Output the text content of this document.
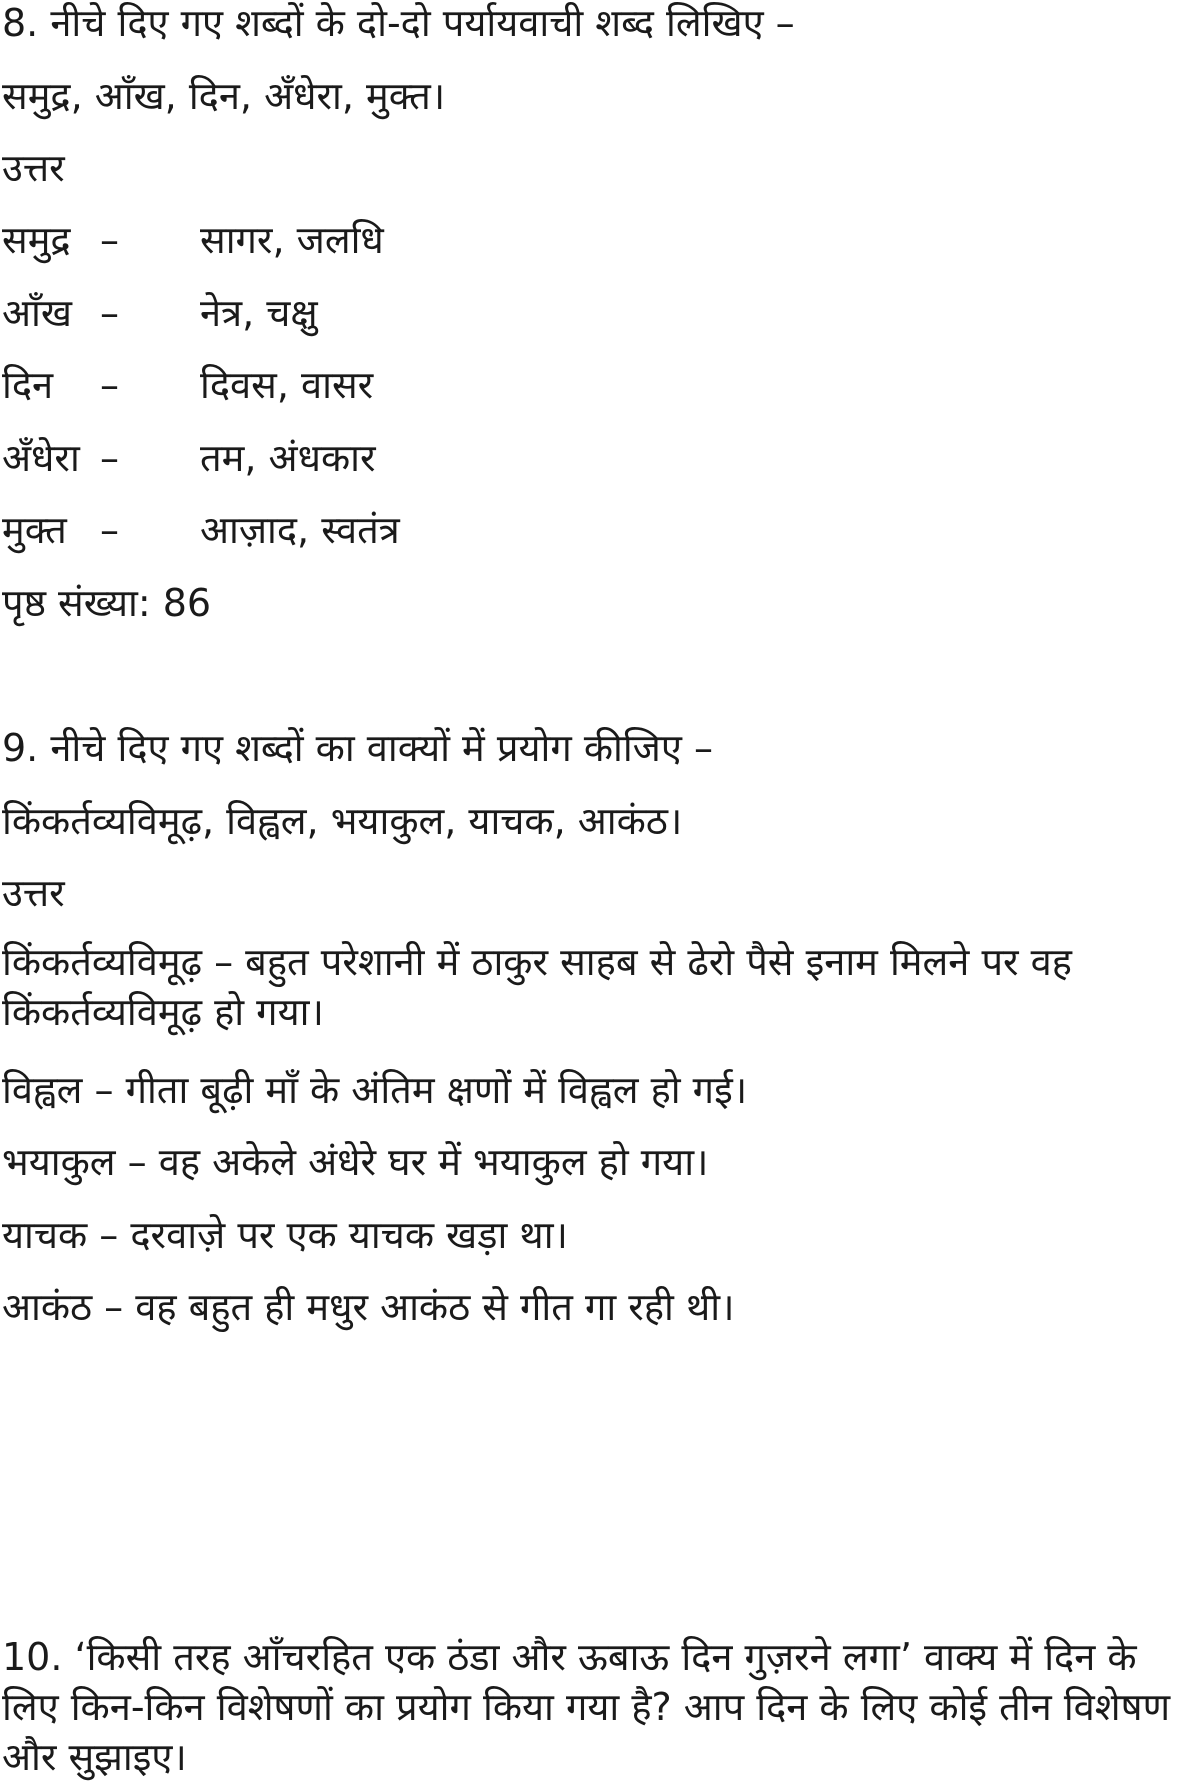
8. नीचे दिए गए शब्दों के दो-दो पर्यायवाची शब्द लिखिए –
समुद्र, आँख, दिन, अँधेरा, मुक्त।
उत्तर
समुद्र – सागर, जलधि
आँख – नेत्र, चक्षु
दिन – दिवस, वासर
अँधेरा – तम, अंधकार
मुक्त – आज़ाद, स्वतंत्र
पृष्ठ संख्या: 86
9. नीचे दिए गए शब्दों का वाक्यों में प्रयोग कीजिए –
किंकर्तव्यविमूढ़, विह्वल, भयाकुल, याचक, आकंठ।
उत्तर
किंकर्तव्यविमूढ़ – बहुत परेशानी में ठाकुर साहब से ढेरो पैसे इनाम मिलने पर वह किंकर्तव्यविमूढ़ हो गया।
विह्वल – गीता बूढ़ी माँ के अंतिम क्षणों में विह्वल हो गई।
भयाकुल – वह अकेले अंधेरे घर में भयाकुल हो गया।
याचक – दरवाज़े पर एक याचक खड़ा था।
आकंठ – वह बहुत ही मधुर आकंठ से गीत गा रही थी।
10. ‘किसी तरह आँचरहित एक ठंडा और ऊबाऊ दिन गुज़रने लगा’ वाक्य में दिन के लिए किन-किन विशेषणों का प्रयोग किया गया है? आप दिन के लिए कोई तीन विशेषण और सुझाइए।
